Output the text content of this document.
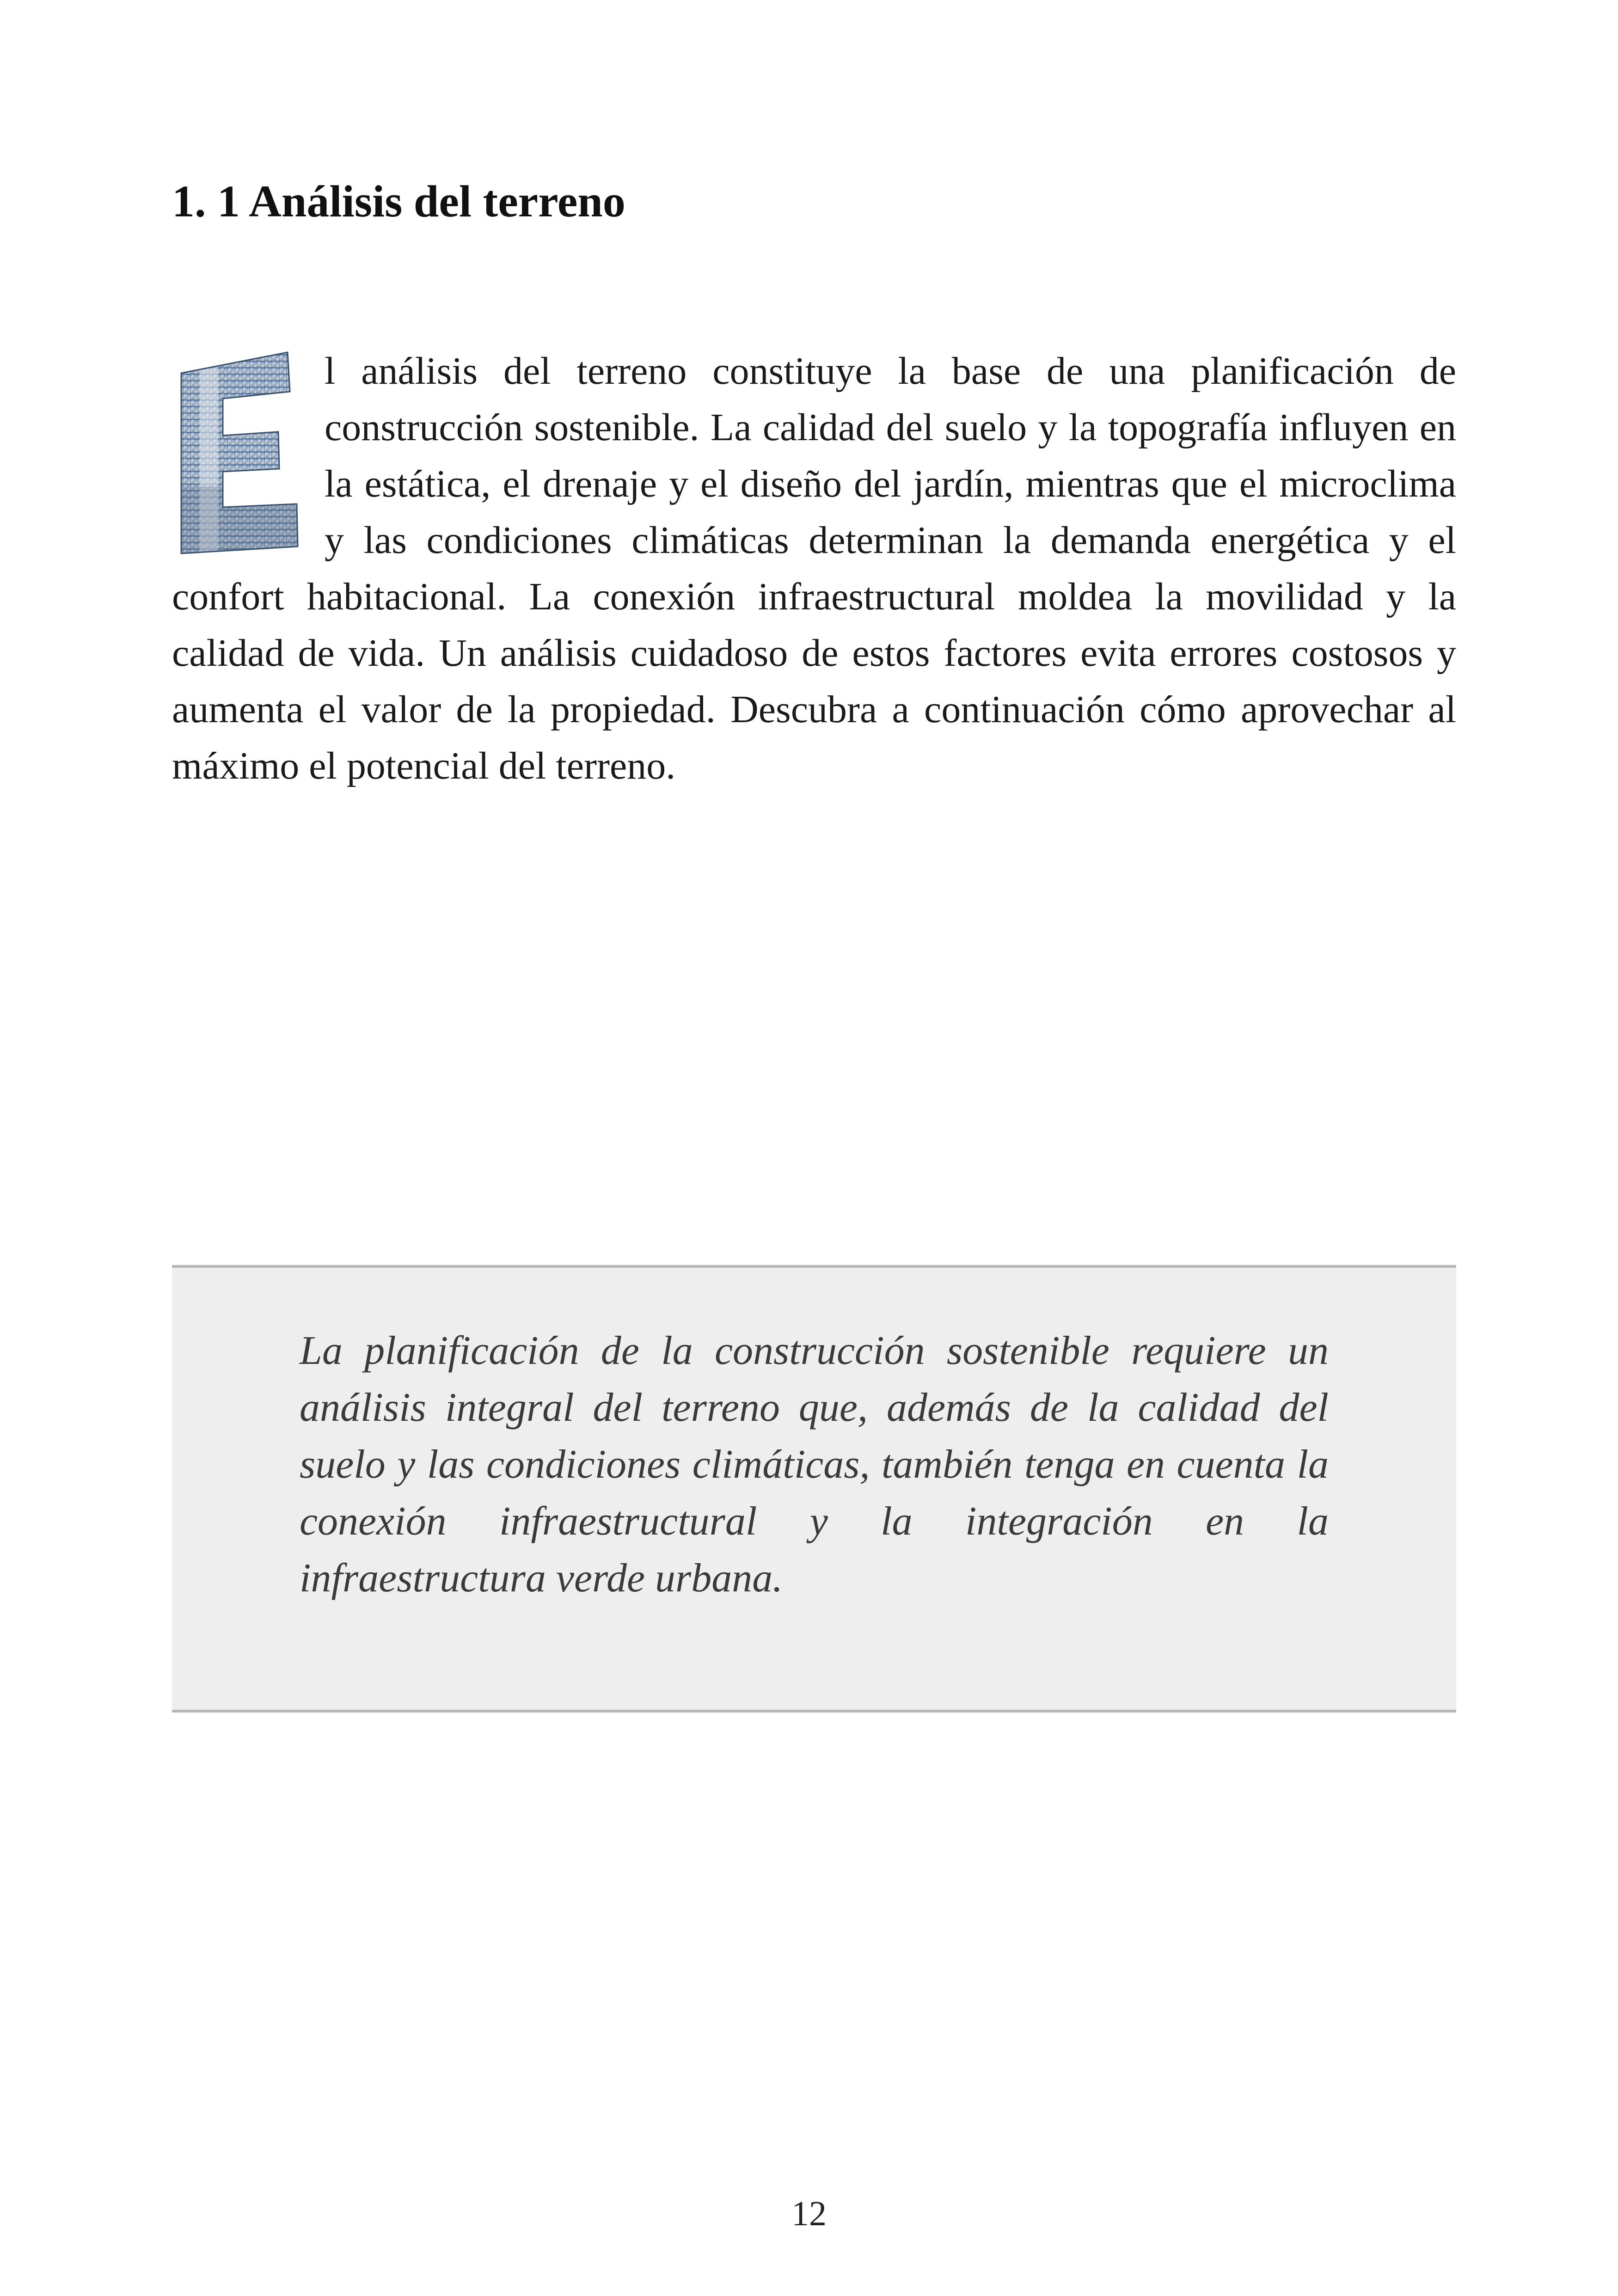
1. 1 Análisis del terreno

l análisis del terreno constituye la base de una planificación de construcción sostenible. La calidad del suelo y la topografía influyen en la estática, el drenaje y el diseño del jardín, mientras que el microclima y las condiciones climáticas determinan la demanda energética y el confort habitacional. La conexión infraestructural moldea la movilidad y la calidad de vida. Un análisis cuidadoso de estos factores evita errores costosos y aumenta el valor de la propiedad. Descubra a continuación cómo aprovechar al máximo el potencial del terreno.

La planificación de la construcción sostenible requiere un análisis integral del terreno que, además de la calidad del suelo y las condiciones climáticas, también tenga en cuenta la conexión infraestructural y la integración en la infraestructura verde urbana.

12
